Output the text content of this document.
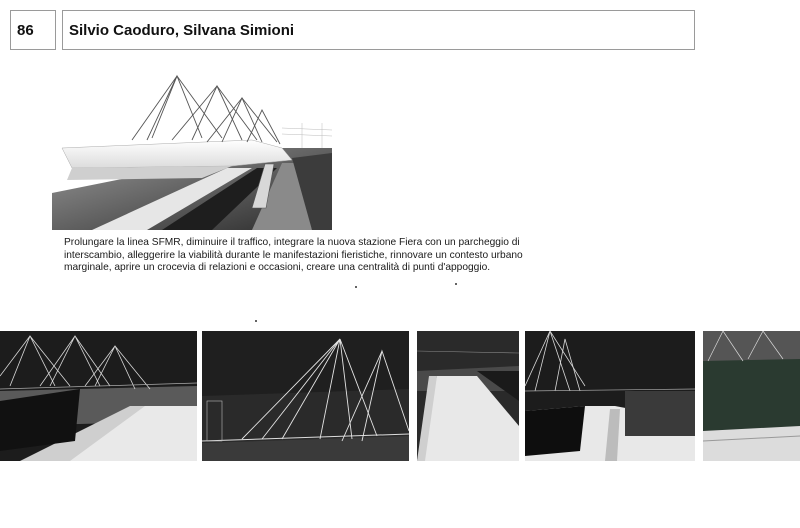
86 Silvio Caoduro, Silvana Simioni

Prolungare la linea SFMR, diminuire il traffico, integrare la nuova stazione Fiera con un parcheggio di interscambio, alleggerire la viabilità durante le manifestazioni fieristiche, rinnovare un contesto urbano marginale, aprire un crocevia di relazioni e occasioni, creare una centralità di punti d'appoggio.
